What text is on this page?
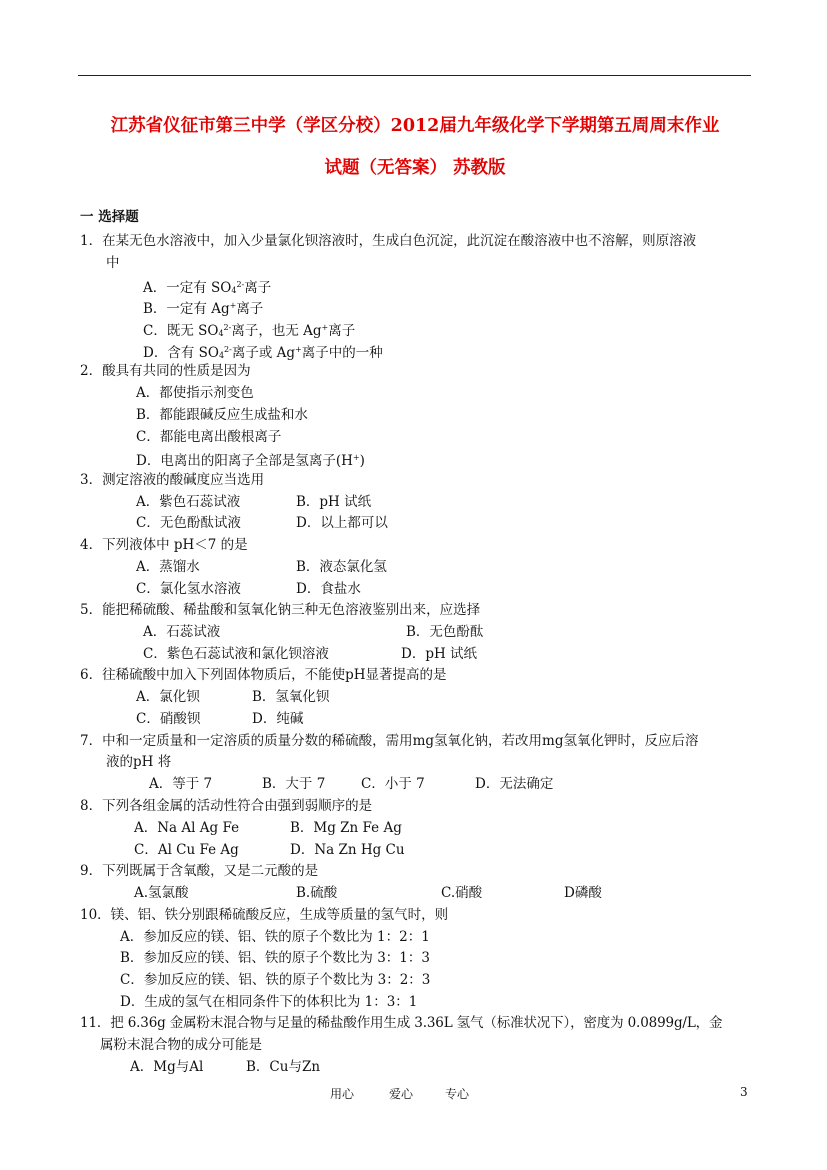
江苏省仪征市第三中学（学区分校）2012届九年级化学下学期第五周周末作业
试题（无答案） 苏教版
一 选择题
1．在某无色水溶液中，加入少量氯化钡溶液时，生成白色沉淀，此沉淀在酸溶液中也不溶解，则原溶液
中
A．一定有 $SO_4^{2-}$离子
B．一定有 Ag+离子
C．既无 $SO_4^{2-}$离子，也无 Ag+离子
D．含有 $SO_4^{2-}$离子或 Ag+离子中的一种
2．酸具有共同的性质是因为
A．都使指示剂变色
B．都能跟碱反应生成盐和水
C．都能电离出酸根离子
D．电离出的阳离子全部是氢离子(H+)
3．测定溶液的酸碱度应当选用
A．紫色石蕊试液	B．pH 试纸
C．无色酚酞试液	D．以上都可以
4．下列液体中 pH＜7 的是
A．蒸馏水	B．液态氯化氢
C．氯化氢水溶液	D．食盐水
5．能把稀硫酸、稀盐酸和氢氧化钠三种无色溶液鉴别出来，应选择
A．石蕊试液	B．无色酚酞
C．紫色石蕊试液和氯化钡溶液	D．pH 试纸
6．往稀硫酸中加入下列固体物质后，不能使pH显著提高的是
A．氯化钡	B．氢氧化钡
C．硝酸钡	D．纯碱
7．中和一定质量和一定溶质的质量分数的稀硫酸，需用mg氢氧化钠，若改用mg氢氧化钾时，反应后溶
液的pH 将
A．等于 7	B．大于 7	C．小于 7	D．无法确定
8．下列各组金属的活动性符合由强到弱顺序的是
A．Na Al Ag Fe	B．Mg Zn Fe Ag
C．Al Cu Fe Ag	D．Na Zn Hg Cu
9．下列既属于含氧酸，又是二元酸的是
A.氢氯酸	B.硫酸	C.硝酸	D磷酸
10．镁、铝、铁分别跟稀硫酸反应，生成等质量的氢气时，则
A．参加反应的镁、铝、铁的原子个数比为 1：2：1
B．参加反应的镁、铝、铁的原子个数比为 3：1：3
C．参加反应的镁、铝、铁的原子个数比为 3：2：3
D．生成的氢气在相同条件下的体积比为 1：3：1
11．把 6.36g 金属粉末混合物与足量的稀盐酸作用生成 3.36L 氢气（标准状况下），密度为 0.0899g/L，金
属粉末混合物的成分可能是
A．Mg与Al	B．Cu与Zn
用心	爱心	专心	3
